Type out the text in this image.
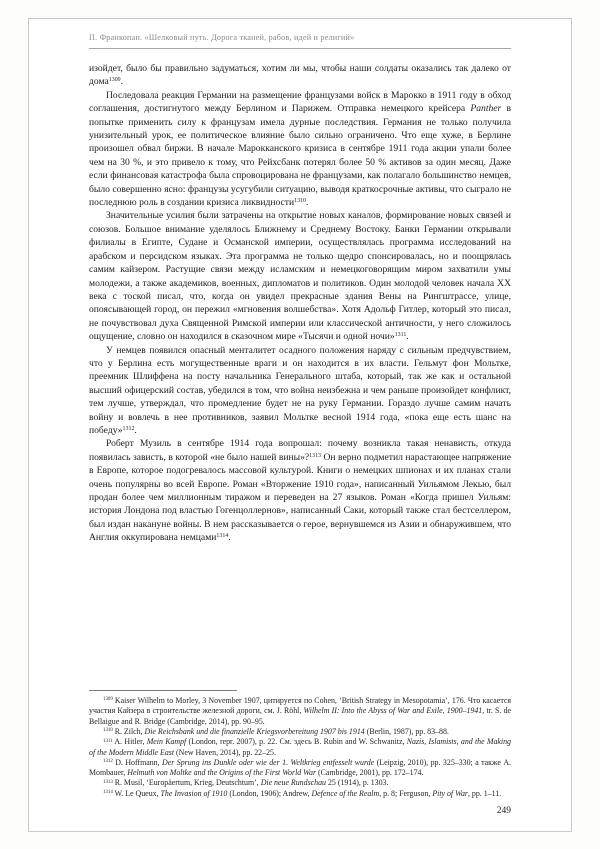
П. Франкопан. «Шелковый путь. Дорога тканей, рабов, идей и религий»

изойдет, было бы правильно задуматься, хотим ли мы, чтобы наши солдаты оказались так далеко от дома$^{1309}$.

Последовала реакция Германии на размещение французами войск в Марокко в 1911 году в обход соглашения, достигнутого между Берлином и Парижем. Отправка немецкого крейсера Panther в попытке применить силу к французам имела дурные последствия. Германия не только получила унизительный урок, ее политическое влияние было сильно ограничено. Что еще хуже, в Берлине произошел обвал биржи. В начале Марокканского кризиса в сентябре 1911 года акции упали более чем на 30 %, и это привело к тому, что Рейхсбанк потерял более 50 % активов за один месяц. Даже если финансовая катастрофа была спровоцирована не французами, как полагало большинство немцев, было совершенно ясно: французы усугубили ситуацию, выводя краткосрочные активы, что сыграло не последнюю роль в создании кризиса ликвидности$^{1310}$.

Значительные усилия были затрачены на открытие новых каналов, формирование новых связей и союзов. Большое внимание уделялось Ближнему и Среднему Востоку. Банки Германии открывали филиалы в Египте, Судане и Османской империи, осуществлялась программа исследований на арабском и персидском языках. Эта программа не только щедро спонсировалась, но и поощрялась самим кайзером. Растущие связи между исламским и немецкоговорящим миром захватили умы молодежи, а также академиков, военных, дипломатов и политиков. Один молодой человек начала XX века с тоской писал, что, когда он увидел прекрасные здания Вены на Рингштрассе, улице, опоясывающей город, он пережил «мгновения волшебства». Хотя Адольф Гитлер, который это писал, не почувствовал духа Священной Римской империи или классической античности, у него сложилось ощущение, словно он находился в сказочном мире «Тысячи и одной ночи»$^{1311}$.

У немцев появился опасный менталитет осадного положения наряду с сильным предчувствием, что у Берлина есть могущественные враги и он находится в их власти. Гельмут фон Мольтке, преемник Шлиффена на посту начальника Генерального штаба, который, так же как и остальной высший офицерский состав, убедился в том, что война неизбежна и чем раньше произойдет конфликт, тем лучше, утверждал, что промедление будет не на руку Германии. Гораздо лучше самим начать войну и вовлечь в нее противников, заявил Мольтке весной 1914 года, «пока еще есть шанс на победу»$^{1312}$.

Роберт Музиль в сентябре 1914 года вопрошал: почему возникла такая ненависть, откуда появилась зависть, в которой «не было нашей вины»?$^{1313}$ Он верно подметил нарастающее напряжение в Европе, которое подогревалось массовой культурой. Книги о немецких шпионах и их планах стали очень популярны во всей Европе. Роман «Вторжение 1910 года», написанный Уильямом Лекью, был продан более чем миллионным тиражом и переведен на 27 языков. Роман «Когда пришел Уильям: история Лондона под властью Гогенцоллернов», написанный Саки, который также стал бестселлером, был издан накануне войны. В нем рассказывается о герое, вернувшемся из Азии и обнаружившем, что Англия оккупирована немцами$^{1314}$.

$^{1309}$ Kaiser Wilhelm to Morley, 3 November 1907, цитируется по Cohen, ‘British Strategy in Mesopotamia’, 176. Что касается участия Кайзера в строительстве железной дороги, см. J. Röhl, Wilhelm II: Into the Abyss of War and Exile, 1900–1941, tr. S. de Bellaigue and R. Bridge (Cambridge, 2014), pp. 90–95.

$^{1310}$ R. Zilch, Die Reichsbank und die finanzielle Kriegsvorbereitung 1907 bis 1914 (Berlin, 1987), pp. 83–88.

$^{1311}$ A. Hitler, Mein Kampf (London, repr. 2007), p. 22. См. здесь B. Rubin and W. Schwanitz, Nazis, Islamists, and the Making of the Modern Middle East (New Haven, 2014), pp. 22–25.

$^{1312}$ D. Hoffmann, Der Sprung ins Dunkle oder wie der 1. Weltkrieg entfesselt wurde (Leipzig, 2010), pp. 325–330; а также A. Mombauer, Helmuth von Moltke and the Origins of the First World War (Cambridge, 2001), pp. 172–174.

$^{1313}$ R. Musil, ‘Europäertum, Krieg, Deutschtum’, Die neue Rundschau 25 (1914), p. 1303.

$^{1314}$ W. Le Queux, The Invasion of 1910 (London, 1906); Andrew, Defence of the Realm, p. 8; Ferguson, Pity of War, pp. 1–11.

249
